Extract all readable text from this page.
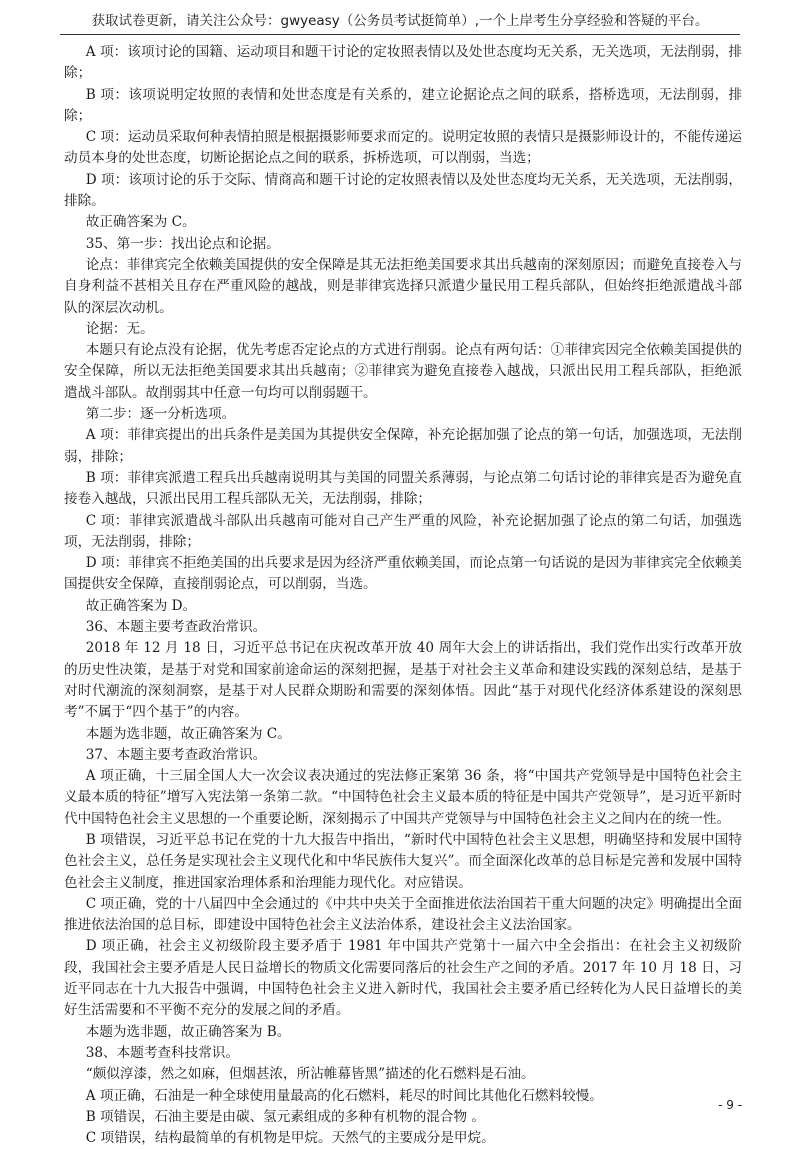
获取试卷更新，请关注公众号：gwyeasy（公务员考试挺简单）,一个上岸考生分享经验和答疑的平台。

A 项：该项讨论的国籍、运动项目和题干讨论的定妆照表情以及处世态度均无关系，无关选项，无法削弱，排除；

B 项：该项说明定妆照的表情和处世态度是有关系的，建立论据论点之间的联系，搭桥选项，无法削弱，排除；

C 项：运动员采取何种表情拍照是根据摄影师要求而定的。说明定妆照的表情只是摄影师设计的，不能传递运动员本身的处世态度，切断论据论点之间的联系，拆桥选项，可以削弱，当选；

D 项：该项讨论的乐于交际、情商高和题干讨论的定妆照表情以及处世态度均无关系，无关选项，无法削弱，排除。

故正确答案为 C。

35、第一步：找出论点和论据。

论点：菲律宾完全依赖美国提供的安全保障是其无法拒绝美国要求其出兵越南的深刻原因；而避免直接卷入与自身利益不甚相关且存在严重风险的越战，则是菲律宾选择只派遣少量民用工程兵部队，但始终拒绝派遣战斗部队的深层次动机。

论据：无。

本题只有论点没有论据，优先考虑否定论点的方式进行削弱。论点有两句话：①菲律宾因完全依赖美国提供的安全保障，所以无法拒绝美国要求其出兵越南；②菲律宾为避免直接卷入越战，只派出民用工程兵部队，拒绝派遣战斗部队。故削弱其中任意一句均可以削弱题干。

第二步：逐一分析选项。

A 项：菲律宾提出的出兵条件是美国为其提供安全保障，补充论据加强了论点的第一句话，加强选项，无法削弱，排除；

B 项：菲律宾派遣工程兵出兵越南说明其与美国的同盟关系薄弱，与论点第二句话讨论的菲律宾是否为避免直接卷入越战，只派出民用工程兵部队无关，无法削弱，排除；

C 项：菲律宾派遣战斗部队出兵越南可能对自己产生严重的风险，补充论据加强了论点的第二句话，加强选项，无法削弱，排除；

D 项：菲律宾不拒绝美国的出兵要求是因为经济严重依赖美国，而论点第一句话说的是因为菲律宾完全依赖美国提供安全保障，直接削弱论点，可以削弱，当选。

故正确答案为 D。

36、本题主要考查政治常识。

2018 年 12 月 18 日，习近平总书记在庆祝改革开放 40 周年大会上的讲话指出，我们党作出实行改革开放的历史性决策，是基于对党和国家前途命运的深刻把握，是基于对社会主义革命和建设实践的深刻总结，是基于对时代潮流的深刻洞察，是基于对人民群众期盼和需要的深刻体悟。因此“基于对现代化经济体系建设的深刻思考”不属于“四个基于”的内容。

本题为选非题，故正确答案为 C。

37、本题主要考查政治常识。

A 项正确，十三届全国人大一次会议表决通过的宪法修正案第 36 条，将“中国共产党领导是中国特色社会主义最本质的特征”增写入宪法第一条第二款。“中国特色社会主义最本质的特征是中国共产党领导”，是习近平新时代中国特色社会主义思想的一个重要论断，深刻揭示了中国共产党领导与中国特色社会主义之间内在的统一性。

B 项错误，习近平总书记在党的十九大报告中指出，“新时代中国特色社会主义思想，明确坚持和发展中国特色社会主义，总任务是实现社会主义现代化和中华民族伟大复兴”。而全面深化改革的总目标是完善和发展中国特色社会主义制度，推进国家治理体系和治理能力现代化。对应错误。

C 项正确，党的十八届四中全会通过的《中共中央关于全面推进依法治国若干重大问题的决定》明确提出全面推进依法治国的总目标，即建设中国特色社会主义法治体系，建设社会主义法治国家。

D 项正确，社会主义初级阶段主要矛盾于 1981 年中国共产党第十一届六中全会指出：在社会主义初级阶段，我国社会主要矛盾是人民日益增长的物质文化需要同落后的社会生产之间的矛盾。2017 年 10 月 18 日，习近平同志在十九大报告中强调，中国特色社会主义进入新时代，我国社会主要矛盾已经转化为人民日益增长的美好生活需要和不平衡不充分的发展之间的矛盾。

本题为选非题，故正确答案为 B。

38、本题考查科技常识。

“颇似淳漆，然之如麻，但烟甚浓，所沾帷幕皆黑”描述的化石燃料是石油。

A 项正确，石油是一种全球使用量最高的化石燃料，耗尽的时间比其他化石燃料较慢。

B 项错误，石油主要是由碳、氢元素组成的多种有机物的混合物 。

C 项错误，结构最简单的有机物是甲烷。天然气的主要成分是甲烷。

- 9 -
